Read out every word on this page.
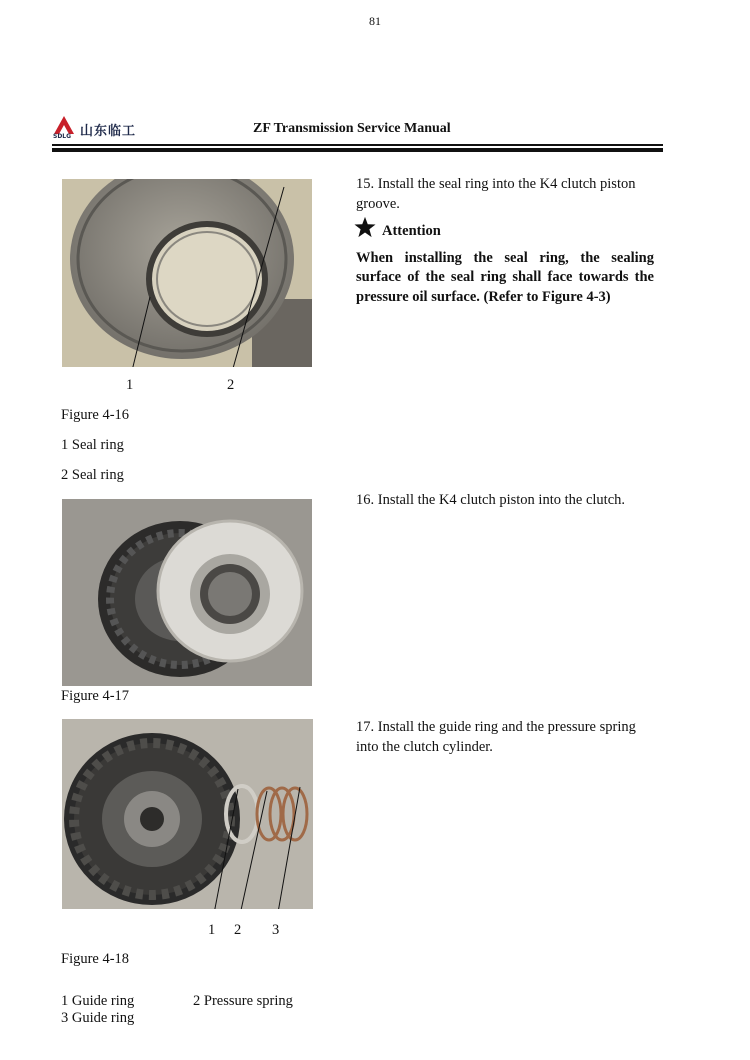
81
山东临工
SDLG
ZF Transmission Service Manual
1	2
Figure 4-16
1 Seal ring
2 Seal ring
15. Install the seal ring into the K4 clutch piston
groove.
Attention
When installing the seal ring, the sealing
surface of the seal ring shall face towards the
pressure oil surface. (Refer to Figure 4-3)
Figure 4-17
16. Install the K4 clutch piston into the clutch.
1 2 3
Figure 4-18
1 Guide ring	2 Pressure spring
3 Guide ring
17. Install the guide ring and the pressure spring
into the clutch cylinder.
